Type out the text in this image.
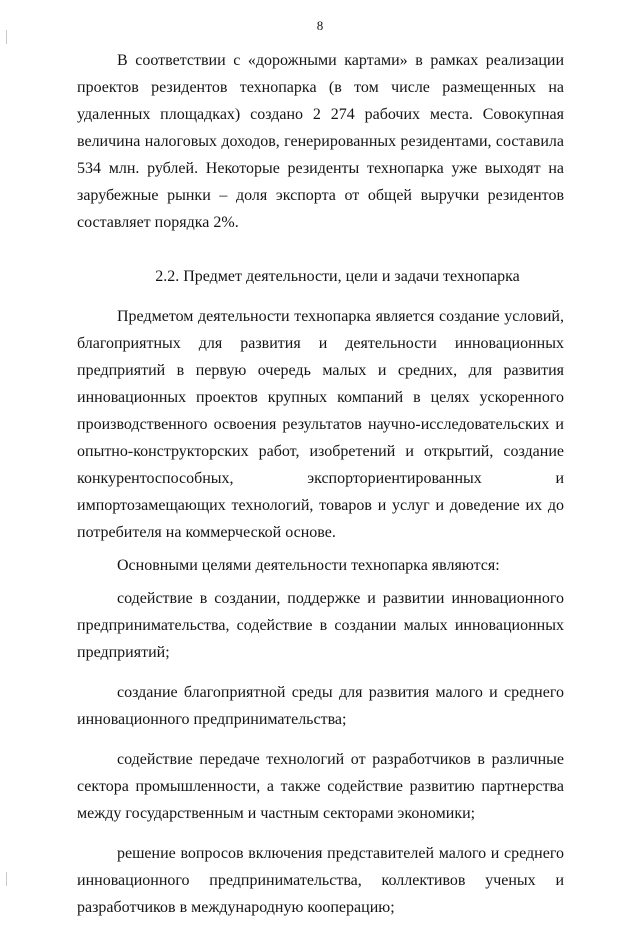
8

В соответствии с «дорожными картами» в рамках реализации проектов резидентов технопарка (в том числе размещенных на удаленных площадках) создано 2 274 рабочих места. Совокупная величина налоговых доходов, генерированных резидентами, составила 534 млн. рублей. Некоторые резиденты технопарка уже выходят на зарубежные рынки – доля экспорта от общей выручки резидентов составляет порядка 2%.

2.2. Предмет деятельности, цели и задачи технопарка

Предметом деятельности технопарка является создание условий, благоприятных для развития и деятельности инновационных предприятий в первую очередь малых и средних, для развития инновационных проектов крупных компаний в целях ускоренного производственного освоения результатов научно-исследовательских и опытно-конструкторских работ, изобретений и открытий, создание конкурентоспособных, экспорториентированных и импортозамещающих технологий, товаров и услуг и доведение их до потребителя на коммерческой основе.

Основными целями деятельности технопарка являются:

содействие в создании, поддержке и развитии инновационного предпринимательства, содействие в создании малых инновационных предприятий;

создание благоприятной среды для развития малого и среднего инновационного предпринимательства;

содействие передаче технологий от разработчиков в различные сектора промышленности, а также содействие развитию партнерства между государственным и частным секторами экономики;

решение вопросов включения представителей малого и среднего инновационного предпринимательства, коллективов ученых и разработчиков в международную кооперацию;
